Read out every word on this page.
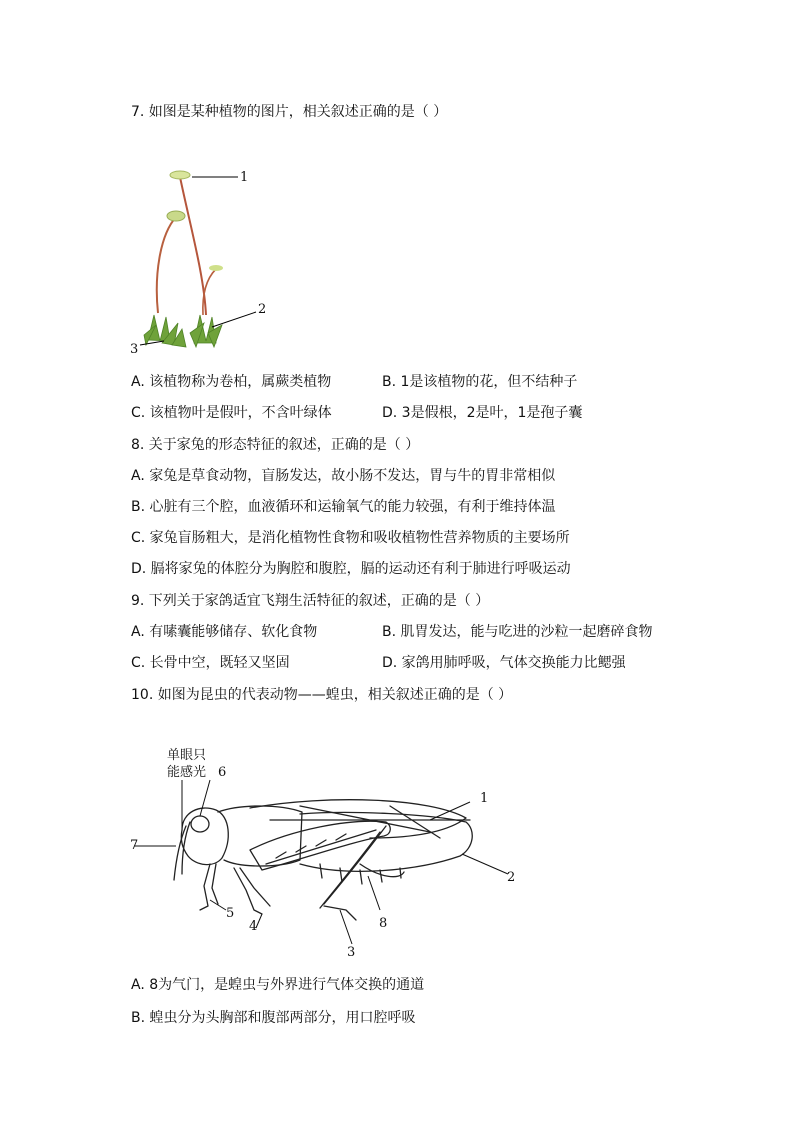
7. 如图是某种植物的图片，相关叙述正确的是（ ）
1
2
3
A. 该植物称为卷柏，属蕨类植物	B. 1是该植物的花，但不结种子
C. 该植物叶是假叶，不含叶绿体	D. 3是假根，2是叶，1是孢子囊
8. 关于家兔的形态特征的叙述，正确的是（ ）
A. 家兔是草食动物，盲肠发达，故小肠不发达，胃与牛的胃非常相似
B. 心脏有三个腔，血液循环和运输氧气的能力较强，有利于维持体温
C. 家兔盲肠粗大，是消化植物性食物和吸收植物性营养物质的主要场所
D. 膈将家兔的体腔分为胸腔和腹腔，膈的运动还有利于肺进行呼吸运动
9. 下列关于家鸽适宜飞翔生活特征的叙述，正确的是（ ）
A. 有嗉囊能够储存、软化食物	B. 肌胃发达，能与吃进的沙粒一起磨碎食物
C. 长骨中空，既轻又坚固	D. 家鸽用肺呼吸，气体交换能力比鳃强
10. 如图为昆虫的代表动物——蝗虫，相关叙述正确的是（ ）
单眼只
能感光
1
2
3
4
5
6
7
8
A. 8为气门，是蝗虫与外界进行气体交换的通道
B. 蝗虫分为头胸部和腹部两部分，用口腔呼吸
